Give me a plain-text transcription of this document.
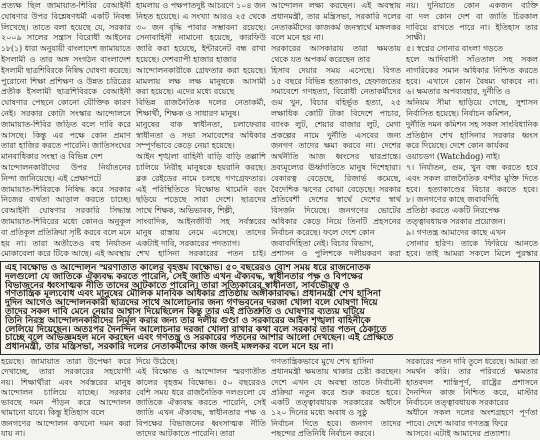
প্রত্যক্ষ ছিল জামায়াত-শিবির বেআইনী
ঘোষণার উপর বিশ্লেষণধর্মী একটি নিবন্ধ
লিখেছে। তাতে বলা হয়েছে যে, সরকার
২০০৯ সালের সন্ত্রাস বিরোধী আইনের
১৮(১) ধারা অনুযায়ী বাংলাদেশ জামায়াতে
ইসলামী ও তার অঙ্গ সংগঠন বাংলাদেশ
ইসলামী ছাত্রশিবিরকে নিষিদ্ধ ঘোষণা করেছে।
পুরোনো শিক্ষা প্রশিক্ষণ ও উন্নত চরিত্রের
প্রতীক ইসলামী ছাত্রশিবিরকে বেআইনী
ঘোষণার পেছনে কোনো যৌক্তিক কারণ
নেই। সরকার কোটা সংস্কার আন্দোলনে
জামায়াত-শিবির জড়িত বলে দাবি করে
আসছে। কিন্তু এর পক্ষে কোন প্রমাণ
তারা হাজির করতে পারেনি। জাতিসংঘের
মানবাধিকার সংস্থা ও বিভিন্ন দেশ
আন্দোলনকারীদের উপর নির্যাতনের
নিন্দা জানিয়েছে। এই প্রেক্ষাপটে
জামায়াত-শিবিরকে নিষিদ্ধ করে সরকার
নিজের ব্যর্থতা আড়াল করতে চাচ্ছে।
বেআইনী ঘোষণার সরকারি সিদ্ধান্ত
জামায়াত-শিবিরের মধ্যে কোনও অনুকূল
বা প্রতিকূল প্রতিক্রিয়া সৃষ্টি করবে বলে মনে
হয় না। তারা অতীতেও বহু নির্যাতন
মোকাবেলা করে টিকে আছে। এই অবস্থায়
হামলায় ও পক্ষপাতদুষ্ট আচরণে ১০৪ জন
নিহত হয়েছে। এ সংখ্যা আরও ২৫ থেকে
৩০ জন বৃদ্ধি পাবার সম্ভাবনা রয়েছে।
সেনাবাহিনী নামানো হয়েছে, কারফিউ
জারি করা হয়েছে, ইন্টারনেট বন্ধ রাখা
হয়েছে। দেশব্যাপী হাজার হাজার
আন্দোলনকারীকে গ্রেফতার করা হয়েছে।
মামলায় লক্ষ লক্ষ মানুষকে আসামী
করা হয়েছে। এদের মধ্যে রয়েছে
বিভিন্ন রাজনৈতিক দলের নেতাকর্মী,
শিক্ষার্থী, শিক্ষক ও সাধারণ মানুষ।
মানুষের বাক স্বাধীনতা, চলাফেরার
স্বাধীনতা ও সভা সমাবেশের অধিকার
সম্পূর্ণভাবে কেড়ে নেয়া হয়েছে।
আইন শৃঙ্খলা বাহিনী বাড়ি বাড়ি তল্লাশি
চালিয়ে নিরীহ মানুষকে হয়রানি করছে।
ব্লক রেইডের নামে চলছে গণগ্রেফতার।
এই পরিস্থিতিতে বিক্ষোভ থামেনি বরং
ছড়িয়ে পড়েছে সারা দেশে। ছাত্রদের
সাথে শিক্ষক, অভিভাবক, শিল্পী,
সাংবাদিক, আইনজীবী সহ সর্বস্তরের
মানুষ রাস্তায় নেমে এসেছে। তাদের
একটাই দাবি, সরকারের পদত্যাগ।
শেখ হাসিনা সরকারের পতন চাই।
আন্দোলন লক্ষ্য করছেন। এই অবস্থায়
প্রধানমন্ত্রী, তার মন্ত্রিসভা, সরকারি দলের
নেতাকর্মীদের কাজকর্ম জনস্বার্থে মঙ্গলকর
বলে মনে হয় না।
সরকারের আসকারায় তারা ক্ষমতায়
থেকে যত অপকর্ম করেছেন তার
হিসাব দেয়ার সময় এসেছে। বিগত
১৫ বছরে বিভিন্ন হত্যাকাণ্ড, হেফাজতের
সমাবেশে গণহত্যা, বিরোধী নেতাকর্মীদের
গুম খুন, বিচার বহির্ভূত হত্যা, ২৫
লক্ষাধিক কোটি টাকা বিদেশে পাচার,
ব্যাংক লুট, শেয়ার বাজার লুট, মেগা
প্রকল্পের নামে দুর্নীতি এসবের জন্য
জনগণ তাদের ক্ষমা করবে না। দেশের
অর্থনীতি আজ ধ্বংসের দ্বারপ্রান্তে।
দ্রব্যমূল্যের ঊর্ধ্বগতিতে মানুষ দিশেহারা।
বেকারত্ব বেড়েছে, রিজার্ভ কমেছে,
বৈদেশিক ঋণের বোঝা বেড়েছে। সরকার
প্রতিবেশী দেশের স্বার্থে দেশের স্বার্থ
বিসর্জন দিয়েছে। জনগণের ভোটের
অধিকার কেড়ে নিয়ে তিনটি প্রহসনের
নির্বাচন করেছে। ফলে দেশে কোন
জবাবদিহিতা নেই। বিচার বিভাগ,
প্রশাসন ও পুলিশকে দলীয়করণ করা
নয়। দুনিয়াতে কোন একজন ব্যক্তি
বা দল কোন দেশ বা জাতি চিরকাল
দাবিয়ে রাখতে পারে না। ইতিহাস তার
সাক্ষী।
৫। স্বপ্নের সোনার বাংলা গড়তে
হলে আদিবাসী সাঁওতাল সহ সকল
নাগরিকের সমান অধিকার নিশ্চিত করতে
হবে। এখানে কোন বৈষম্য থাকবে না।
৬। ক্ষমতার অপব্যবহার, দুর্নীতি ও
অনিয়ম সীমা ছাড়িয়ে গেছে, সুশাসন
নির্বাসিত হয়েছে। নির্বাচন কমিশন,
দুর্নীতি দমন কমিশন সহ সকল সাংবিধানিক
প্রতিষ্ঠান শেখ হাসিনার সরকার ধ্বংস
করে দিয়েছে। দেশে কোন কার্যকর
ওয়াচডগ (Watchdog) নাই।
৭। নির্যাতন, গুম, খুন বন্ধ করতে হবে
এবং সকল রাজনৈতিক বন্দীর মুক্তি দিতে
হবে। হত্যাকাণ্ডের বিচার করতে হবে।
৮। জনগণের কাছে জবাবদিহি
প্রতিষ্ঠা করতে একটি নিরপেক্ষ
তত্ত্বাবধায়ক সরকার প্রয়োজন।
৯। গণতন্ত্র আমাদের কাছে এখন
সোনার হরিণ। তাকে ফিরিয়ে আনতে
হবে। তাই আমরা সকলে মিলে পুরস্কার
এই বিক্ষোভ ও আন্দোলন স্মরণাতীত কালের বৃহত্তম বিক্ষোভ। ৫০ বছরেরও বেশি সময় ধরে রাজনৈতিক
দলগুলো যে জাতিকে ঐক্যবদ্ধ করতে পারেনি, সেই জাতি এখন ঐক্যবদ্ধ, স্বাধীনতার পক্ষ ও বিপক্ষের
বিভাজনের ধ্বংসাত্মক নীতি তাদের আটকাতে পারেনি। তারা সত্যিকারের স্বাধীনতা, সার্বভৌমত্ব ও
গণতান্ত্রিক মূল্যবোধ এবং মানুষের মৌলিক মানবিক অধিকার প্রতিষ্ঠায় অঙ্গীকারাবদ্ধ। প্রধানমন্ত্রী শেখ হাসিনা
দুদিন আগেও আন্দোলনকারী ছাত্রদের সাথে আলোচনার জন্য গণভবনের দরজা খোলা বলে ঘোষণা দিয়ে
তাদের সকল দাবি মেনে নেয়ার আশ্বাস দিয়েছিলেন কিন্তু তার এই প্রতিশ্রুতি ও ঘোষণার ব্যত্যয় ঘটিয়ে
তিনি নিরস্ত্র আন্দোলনকারীদের নির্মূল করার জন্য তার দলীয় গুণ্ডা ও সরকারের আইন শৃঙ্খলা বাহিনীকে
লেলিয়ে দিয়েছেন। অতঃপর দৈনন্দিন আলোচনার দরজা খোলা রাখার কথা বলে সরকার তার পতন ঠেকাতে
চাচ্ছে বলে অভিজ্ঞমহল মনে করছেন এবং গণতন্ত্র ও সরকারের পতনের আশার আলো দেখছেন। এই প্রেক্ষিতে
প্রধানমন্ত্রী, তার মন্ত্রিসভা, সরকারি দলের নেতাকর্মীদের কাজ জনই মঙ্গলকর বলে মনে হয় না।
হয়েছে। জামায়াত তারা উপেক্ষা করে
দেখাচ্ছে, তারা সরকারের সহযোগী
নয়। শিক্ষার্থীরা এবং সর্বস্তরের মানুষ
আন্দোলন চালিয়ে যাচ্ছে। সরকার
ভাবছে দমন পীড়ন করে আন্দোলন
থামানো যাবে। কিন্তু ইতিহাস বলে
জনগণের আন্দোলন কখনো দমন করা
যায় না।
দিয়ে উঠেছে।
এই বিক্ষোভ ও আন্দোলন স্মরণাতীত
কালের বৃহত্তম বিক্ষোভ। ৫০ বছরেরও
বেশি সময় ধরে রাজনৈতিক দলগুলো যে
জাতিকে ঐক্যবদ্ধ করতে পারেনি, সেই
জাতি এখন ঐক্যবদ্ধ, স্বাধীনতার পক্ষ ও
বিপক্ষের বিভাজনের ধ্বংসাত্মক নীতি
তাদের আটকাতে পারেনি। তারা
গণতান্ত্রিকভাবে মুখে শেখ হাসিনা
প্রধানমন্ত্রী ক্ষমতায় থাকার চেষ্টা করছেন।
দেশে এখন যে অবস্থা তাতে নির্বাচনী
প্রক্রিয়া নতুন করে শুরু করতে হবে।
একটি তত্ত্বাবধায়ক সরকারের অধীনে
১২০ দিনের মধ্যে অবাধ ও সুষ্ঠু
নির্বাচন দিতে হবে। জনগণ তাদের
পছন্দের প্রতিনিধি নির্বাচন করবে।
সরকারের পতন দাবি তুলে ধরেছে। আমরা তা
সমর্থন করি। তার পরিবর্তে ক্ষমতার
হাতবদল শান্তিপূর্ণ, রাষ্ট্রের প্রশাসনে
দৈনন্দিন কাজ নিশ্চিত করে, মাস্টার
নির্বাচনে তত্ত্বাবধায়ক সরকারের
অধীনে সকল দলের অংশগ্রহণে পূর্ণতা
পাবে। দেশে আবার গণতন্ত্র ফিরে
আসবে। এটাই আমাদের প্রত্যাশা।
